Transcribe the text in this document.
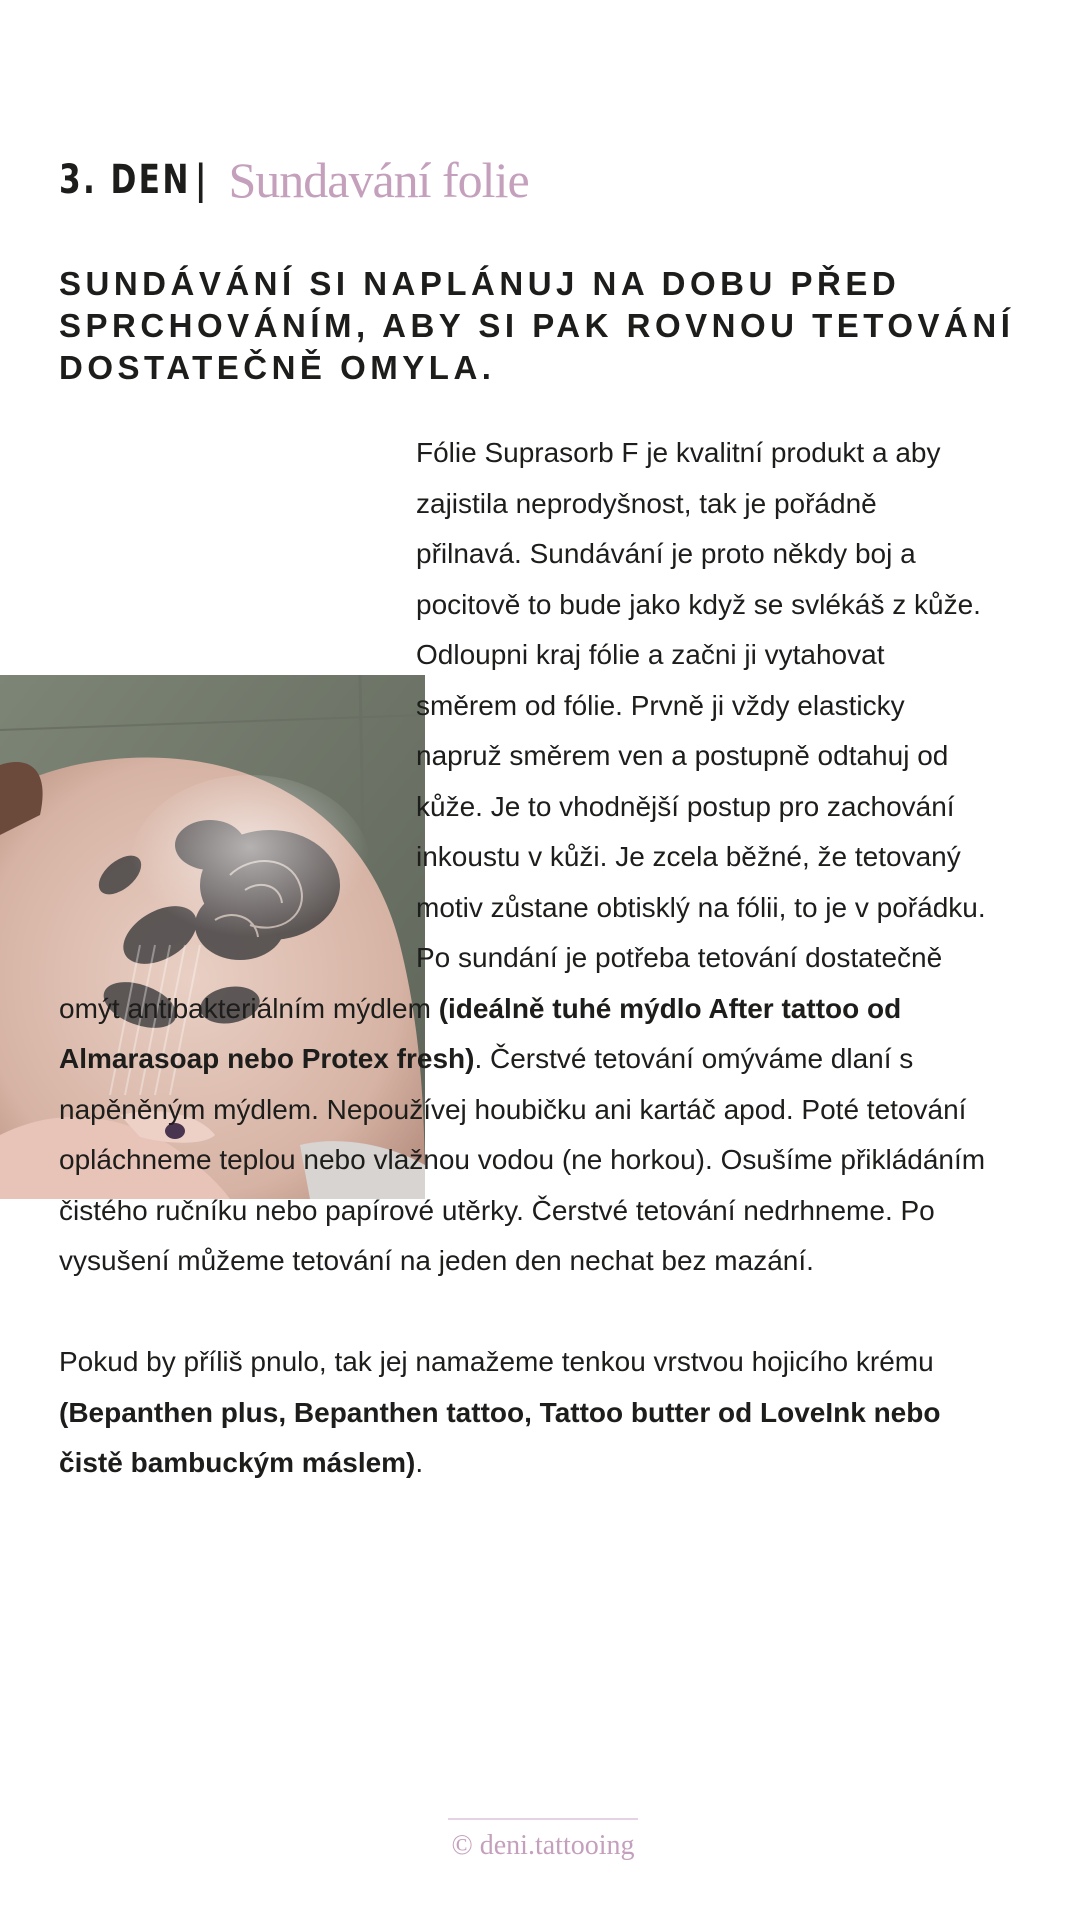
3. DEN | Sundavání folie
SUNDÁVÁNÍ SI NAPLÁNUJ NA DOBU PŘED SPRCHOVÁNÍM, ABY SI PAK ROVNOU TETOVÁNÍ DOSTATEČNĚ OMYLA.

Fólie Suprasorb F je kvalitní produkt a aby zajistila neprodyšnost, tak je pořádně přilnavá. Sundávání je proto někdy boj a pocitově to bude jako když se svlékáš z kůže. Odloupni kraj fólie a začni ji vytahovat směrem od fólie. Prvně ji vždy elasticky napruž směrem ven a postupně odtahuj od kůže. Je to vhodnější postup pro zachování inkoustu v kůži. Je zcela běžné, že tetovaný motiv zůstane obtisklý na fólii, to je v pořádku. Po sundání je potřeba tetování dostatečně omýt antibakteriálním mýdlem (ideálně tuhé mýdlo After tattoo od Almarasoap nebo Protex fresh). Čerstvé tetování omýváme dlaní s napěněným mýdlem. Nepoužívej houbičku ani kartáč apod. Poté tetování opláchneme teplou nebo vlažnou vodou (ne horkou). Osušíme přikládáním čistého ručníku nebo papírové utěrky. Čerstvé tetování nedrhneme. Po vysušení můžeme tetování na jeden den nechat bez mazání.

Pokud by příliš pnulo, tak jej namažeme tenkou vrstvou hojicího krému (Bepanthen plus, Bepanthen tattoo, Tattoo butter od LoveInk nebo čistě bambuckým máslem).

© deni.tattooing
